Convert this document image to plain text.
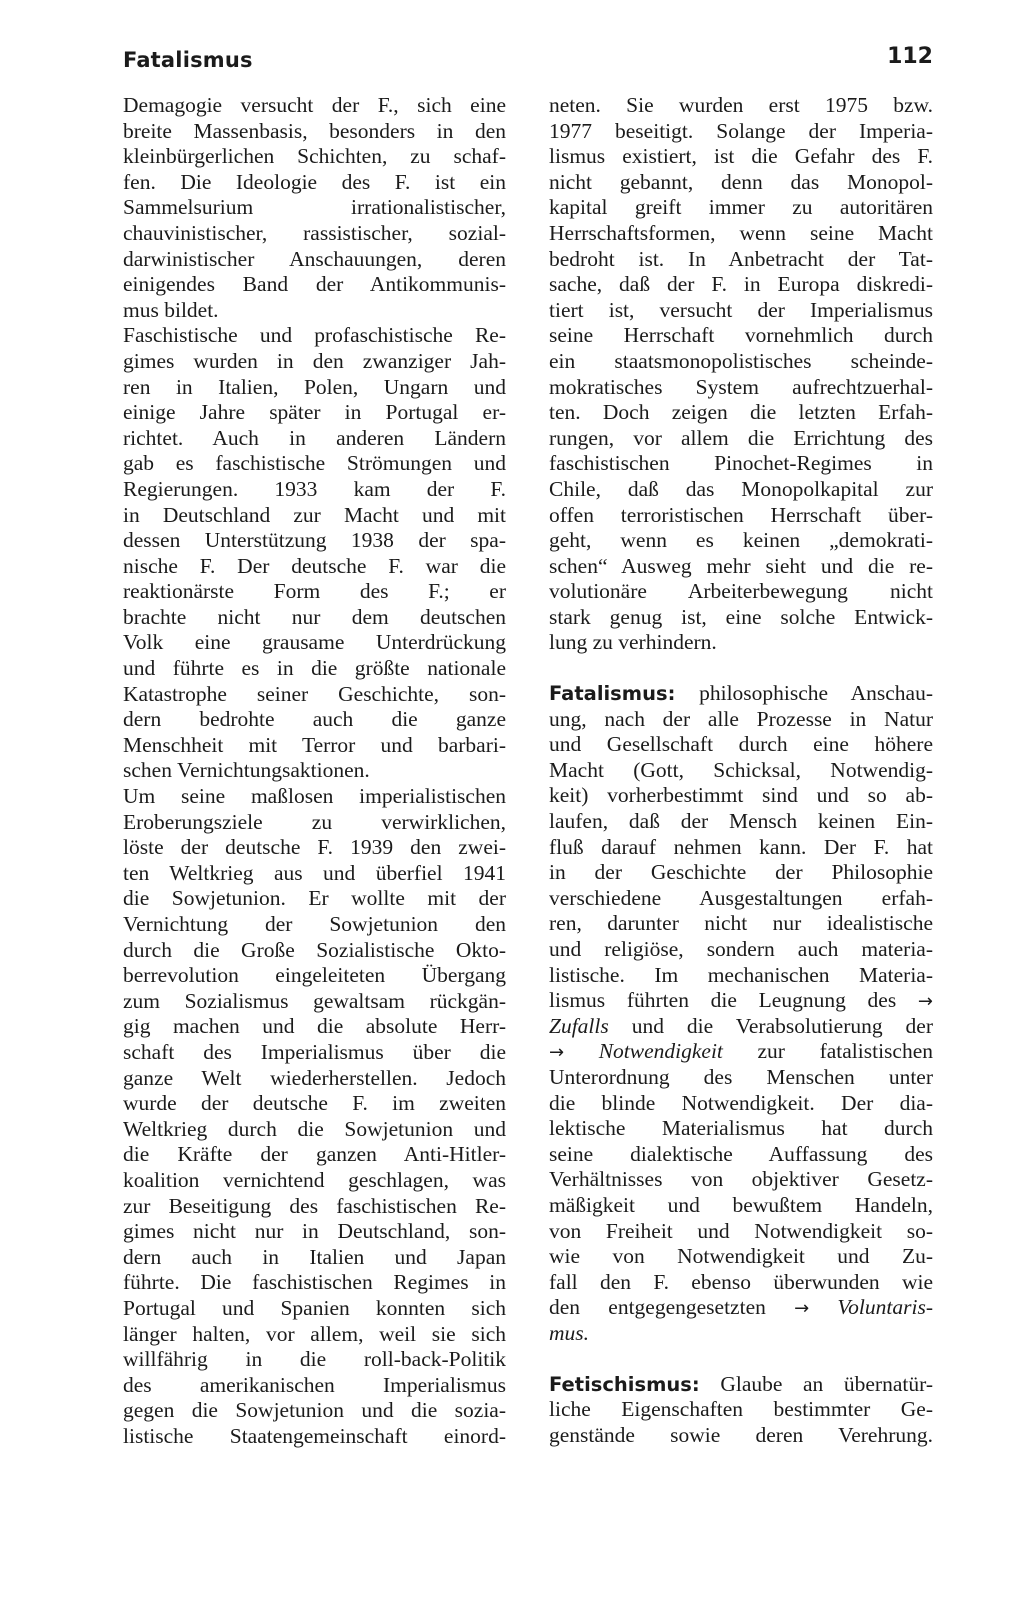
Fatalismus	112
Demagogie versucht der F., sich eine
breite Massenbasis, besonders in den
kleinbürgerlichen Schichten, zu schaf-
fen. Die Ideologie des F. ist ein
Sammelsurium irrationalistischer,
chauvinistischer, rassistischer, sozial-
darwinistischer Anschauungen, deren
einigendes Band der Antikommunis-
mus bildet.
Faschistische und profaschistische Re-
gimes wurden in den zwanziger Jah-
ren in Italien, Polen, Ungarn und
einige Jahre später in Portugal er-
richtet. Auch in anderen Ländern
gab es faschistische Strömungen und
Regierungen. 1933 kam der F.
in Deutschland zur Macht und mit
dessen Unterstützung 1938 der spa-
nische F. Der deutsche F. war die
reaktionärste Form des F.; er
brachte nicht nur dem deutschen
Volk eine grausame Unterdrückung
und führte es in die größte nationale
Katastrophe seiner Geschichte, son-
dern bedrohte auch die ganze
Menschheit mit Terror und barbari-
schen Vernichtungsaktionen.
Um seine maßlosen imperialistischen
Eroberungsziele zu verwirklichen,
löste der deutsche F. 1939 den zwei-
ten Weltkrieg aus und überfiel 1941
die Sowjetunion. Er wollte mit der
Vernichtung der Sowjetunion den
durch die Große Sozialistische Okto-
berrevolution eingeleiteten Übergang
zum Sozialismus gewaltsam rückgän-
gig machen und die absolute Herr-
schaft des Imperialismus über die
ganze Welt wiederherstellen. Jedoch
wurde der deutsche F. im zweiten
Weltkrieg durch die Sowjetunion und
die Kräfte der ganzen Anti-Hitler-
koalition vernichtend geschlagen, was
zur Beseitigung des faschistischen Re-
gimes nicht nur in Deutschland, son-
dern auch in Italien und Japan
führte. Die faschistischen Regimes in
Portugal und Spanien konnten sich
länger halten, vor allem, weil sie sich
willfährig in die roll-back-Politik
des amerikanischen Imperialismus
gegen die Sowjetunion und die sozia-
listische Staatengemeinschaft einord-
neten. Sie wurden erst 1975 bzw.
1977 beseitigt. Solange der Imperia-
lismus existiert, ist die Gefahr des F.
nicht gebannt, denn das Monopol-
kapital greift immer zu autoritären
Herrschaftsformen, wenn seine Macht
bedroht ist. In Anbetracht der Tat-
sache, daß der F. in Europa diskredi-
tiert ist, versucht der Imperialismus
seine Herrschaft vornehmlich durch
ein staatsmonopolistisches scheinde-
mokratisches System aufrechtzuerhal-
ten. Doch zeigen die letzten Erfah-
rungen, vor allem die Errichtung des
faschistischen Pinochet-Regimes in
Chile, daß das Monopolkapital zur
offen terroristischen Herrschaft über-
geht, wenn es keinen „demokrati-
schen“ Ausweg mehr sieht und die re-
volutionäre Arbeiterbewegung nicht
stark genug ist, eine solche Entwick-
lung zu verhindern.
Fatalismus: philosophische Anschau-
ung, nach der alle Prozesse in Natur
und Gesellschaft durch eine höhere
Macht (Gott, Schicksal, Notwendig-
keit) vorherbestimmt sind und so ab-
laufen, daß der Mensch keinen Ein-
fluß darauf nehmen kann. Der F. hat
in der Geschichte der Philosophie
verschiedene Ausgestaltungen erfah-
ren, darunter nicht nur idealistische
und religiöse, sondern auch materia-
listische. Im mechanischen Materia-
lismus führten die Leugnung des →
Zufalls und die Verabsolutierung der
→ Notwendigkeit zur fatalistischen
Unterordnung des Menschen unter
die blinde Notwendigkeit. Der dia-
lektische Materialismus hat durch
seine dialektische Auffassung des
Verhältnisses von objektiver Gesetz-
mäßigkeit und bewußtem Handeln,
von Freiheit und Notwendigkeit so-
wie von Notwendigkeit und Zu-
fall den F. ebenso überwunden wie
den entgegengesetzten → Voluntaris-
mus.
Fetischismus: Glaube an übernatür-
liche Eigenschaften bestimmter Ge-
genstände sowie deren Verehrung.
